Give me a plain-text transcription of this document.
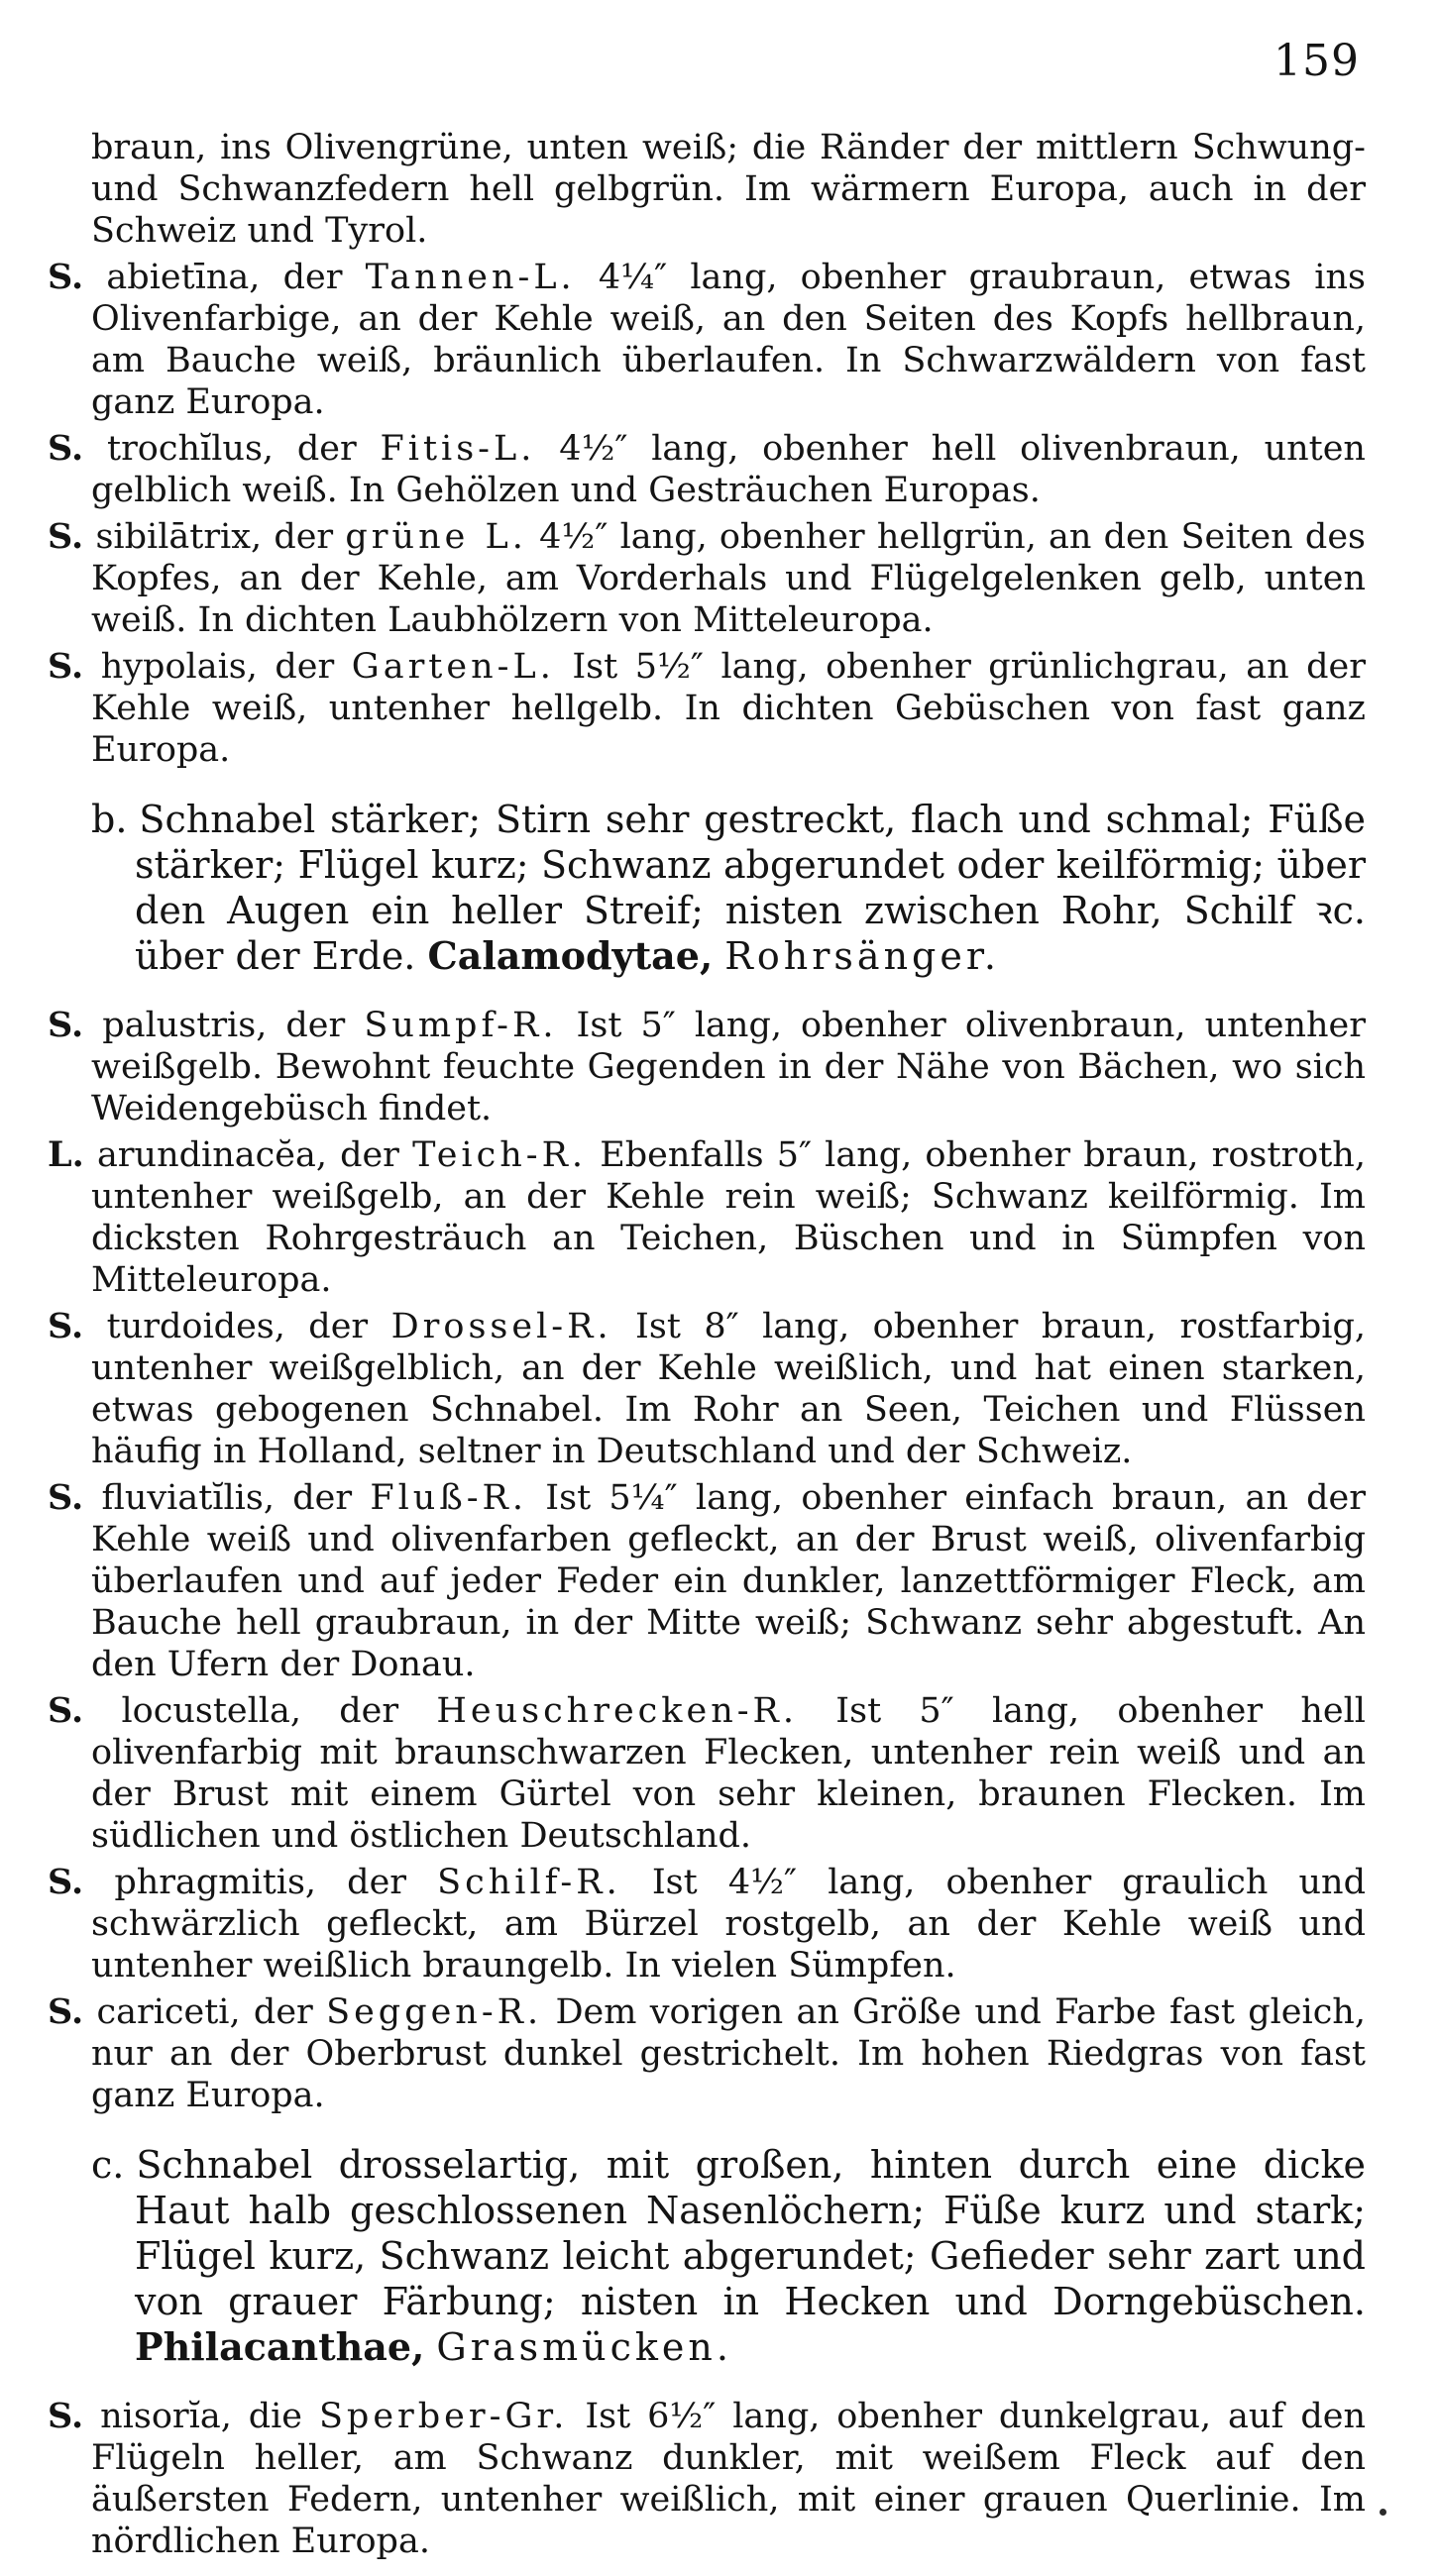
159

braun, ins Olivengrüne, unten weiß; die Ränder der mittlern Schwung- und Schwanzfedern hell gelbgrün. Im wärmern Europa, auch in der Schweiz und Tyrol.

S. abietīna, der Tannen-L. 4¼″ lang, obenher graubraun, etwas ins Olivenfarbige, an der Kehle weiß, an den Seiten des Kopfs hellbraun, am Bauche weiß, bräunlich überlaufen. In Schwarzwäldern von fast ganz Europa.

S. trochĭlus, der Fitis-L. 4½″ lang, obenher hell olivenbraun, unten gelblich weiß. In Gehölzen und Gesträuchen Europas.

S. sibilātrix, der grüne L. 4½″ lang, obenher hellgrün, an den Seiten des Kopfes, an der Kehle, am Vorderhals und Flügelgelenken gelb, unten weiß. In dichten Laubhölzern von Mitteleuropa.

S. hypolais, der Garten-L. Ist 5½″ lang, obenher grünlichgrau, an der Kehle weiß, untenher hellgelb. In dichten Gebüschen von fast ganz Europa.

b. Schnabel stärker; Stirn sehr gestreckt, flach und schmal; Füße stärker; Flügel kurz; Schwanz abgerundet oder keilförmig; über den Augen ein heller Streif; nisten zwischen Rohr, Schilf ꝛc. über der Erde. Calamodytae, Rohrsänger.

S. palustris, der Sumpf-R. Ist 5″ lang, obenher olivenbraun, untenher weißgelb. Bewohnt feuchte Gegenden in der Nähe von Bächen, wo sich Weidengebüsch findet.

L. arundinacĕa, der Teich-R. Ebenfalls 5″ lang, obenher braun, rostroth, untenher weißgelb, an der Kehle rein weiß; Schwanz keilförmig. Im dicksten Rohrgesträuch an Teichen, Büschen und in Sümpfen von Mitteleuropa.

S. turdoides, der Drossel-R. Ist 8″ lang, obenher braun, rostfarbig, untenher weißgelblich, an der Kehle weißlich, und hat einen starken, etwas gebogenen Schnabel. Im Rohr an Seen, Teichen und Flüssen häufig in Holland, seltner in Deutschland und der Schweiz.

S. fluviatĭlis, der Fluß-R. Ist 5¼″ lang, obenher einfach braun, an der Kehle weiß und olivenfarben gefleckt, an der Brust weiß, olivenfarbig überlaufen und auf jeder Feder ein dunkler, lanzettförmiger Fleck, am Bauche hell graubraun, in der Mitte weiß; Schwanz sehr abgestuft. An den Ufern der Donau.

S. locustella, der Heuschrecken-R. Ist 5″ lang, obenher hell olivenfarbig mit braunschwarzen Flecken, untenher rein weiß und an der Brust mit einem Gürtel von sehr kleinen, braunen Flecken. Im südlichen und östlichen Deutschland.

S. phragmitis, der Schilf-R. Ist 4½″ lang, obenher graulich und schwärzlich gefleckt, am Bürzel rostgelb, an der Kehle weiß und untenher weißlich braungelb. In vielen Sümpfen.

S. cariceti, der Seggen-R. Dem vorigen an Größe und Farbe fast gleich, nur an der Oberbrust dunkel gestrichelt. Im hohen Riedgras von fast ganz Europa.

c. Schnabel drosselartig, mit großen, hinten durch eine dicke Haut halb geschlossenen Nasenlöchern; Füße kurz und stark; Flügel kurz, Schwanz leicht abgerundet; Gefieder sehr zart und von grauer Färbung; nisten in Hecken und Dorngebüschen. Philacanthae, Grasmücken.

S. nisorĭa, die Sperber-Gr. Ist 6½″ lang, obenher dunkelgrau, auf den Flügeln heller, am Schwanz dunkler, mit weißem Fleck auf den äußersten Federn, untenher weißlich, mit einer grauen Querlinie. Im nördlichen Europa.
